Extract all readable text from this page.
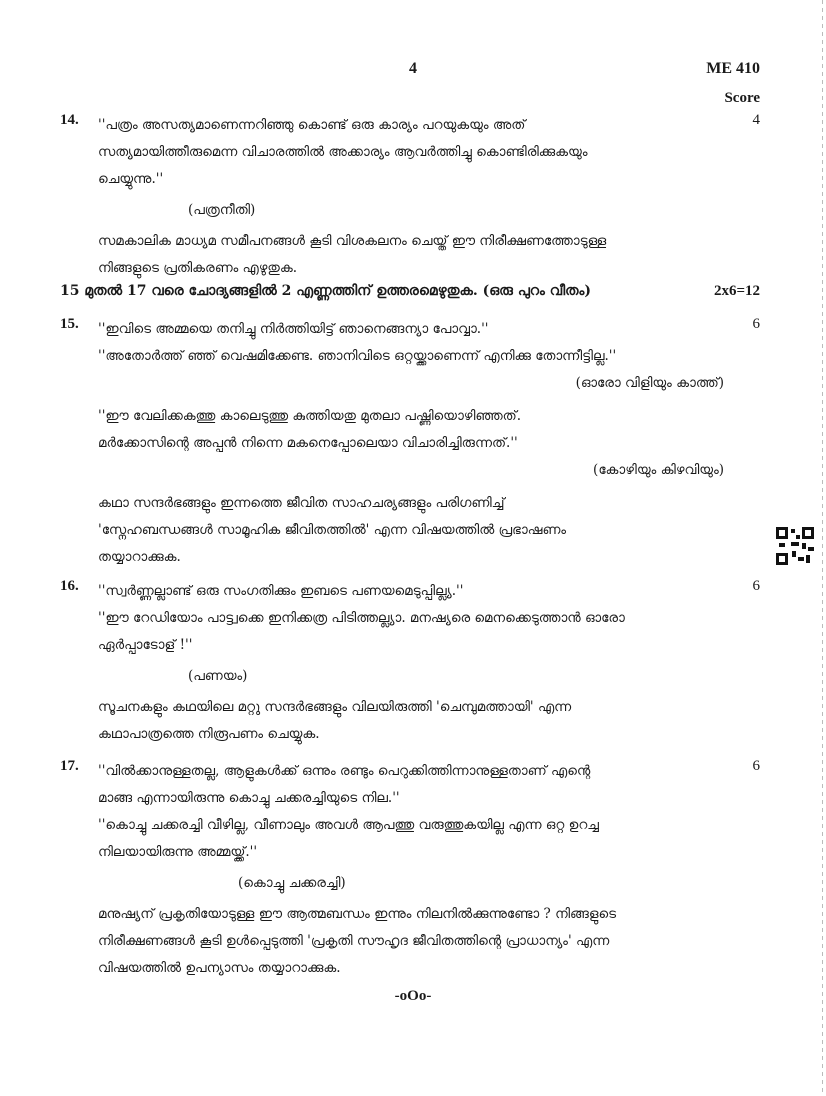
4	ME 410
Score
14.	4

''പത്രം അസത്യമാണെന്നറിഞ്ഞു കൊണ്ട് ഒരു കാര്യം പറയുകയും അത്

സത്യമായിത്തീരുമെന്ന വിചാരത്തിൽ അക്കാര്യം ആവർത്തിച്ചു കൊണ്ടിരിക്കുകയും

ചെയ്യുന്നു.''

(പത്രനീതി)

സമകാലിക മാധ്യമ സമീപനങ്ങൾ കൂടി വിശകലനം ചെയ്ത് ഈ നിരീക്ഷണത്തോടുള്ള

നിങ്ങളുടെ പ്രതികരണം എഴുതുക.

15 മുതൽ 17 വരെ ചോദ്യങ്ങളിൽ 2 എണ്ണത്തിന് ഉത്തരമെഴുതുക. (ഒരു പുറം വീതം)	2x6=12
15.	6

''ഇവിടെ അമ്മയെ തനിച്ചു നിർത്തിയിട്ട് ഞാനെങ്ങന്യാ പോവ്വാ.''

''അതോർത്ത് ഞ്ഞ് വെഷമിക്കേണ്ട. ഞാനിവിടെ ഒറ്റയ്ക്കാണെന്ന് എനിക്കു തോന്നീട്ടില്ല.''

(ഓരോ വിളിയും കാത്ത്)

''ഈ വേലിക്കകത്തു കാലെടുത്തു കുത്തിയതു മുതലാ പഷ്ണിയൊഴിഞ്ഞത്.

മർക്കോസിന്റെ അപ്പൻ നിന്നെ മകനെപ്പോലെയാ വിചാരിച്ചിരുന്നത്.''

(കോഴിയും കിഴവിയും)

കഥാ സന്ദർഭങ്ങളും ഇന്നത്തെ ജീവിത സാഹചര്യങ്ങളും പരിഗണിച്ച്

'സ്നേഹബന്ധങ്ങൾ സാമൂഹിക ജീവിതത്തിൽ' എന്ന വിഷയത്തിൽ പ്രഭാഷണം

തയ്യാറാക്കുക.

16.	6

''സ്വർണ്ണല്ലാണ്ട് ഒരു സംഗതിക്കും ഇബടെ പണയമെടുപ്പില്ല്യ.''

''ഈ റേഡിയോം പാട്ട്വക്കെ ഇനിക്കത്ര പിടിത്തല്ല്യാ. മനഷ്യരെ മെനക്കെടുത്താൻ ഓരോ

ഏർപ്പാടോള് !''

(പണയം)

സൂചനകളും കഥയിലെ മറ്റു സന്ദർഭങ്ങളും വിലയിരുത്തി 'ചെമ്പുമത്തായി' എന്ന

കഥാപാത്രത്തെ നിരൂപണം ചെയ്യുക.

17.	6

''വിൽക്കാനുള്ളതല്ല, ആളുകൾക്ക് ഒന്നും രണ്ടും പെറുക്കിത്തിന്നാനുള്ളതാണ് എന്റെ

മാങ്ങ എന്നായിരുന്നു കൊച്ചു ചക്കരച്ചിയുടെ നില.''

''കൊച്ചു ചക്കരച്ചി വീഴില്ല, വീണാലും അവൾ ആപത്തു വരുത്തുകയില്ല എന്ന ഒറ്റ ഉറച്ച

നിലയായിരുന്നു അമ്മയ്ക്ക്.''

(കൊച്ചു ചക്കരച്ചി)

മനുഷ്യന് പ്രകൃതിയോടുള്ള ഈ ആത്മബന്ധം ഇന്നും നിലനിൽക്കുന്നുണ്ടോ ? നിങ്ങളുടെ

നിരീക്ഷണങ്ങൾ കൂടി ഉൾപ്പെടുത്തി 'പ്രകൃതി സൗഹൃദ ജീവിതത്തിന്റെ പ്രാധാന്യം' എന്ന

വിഷയത്തിൽ ഉപന്യാസം തയ്യാറാക്കുക.

-oOo-
